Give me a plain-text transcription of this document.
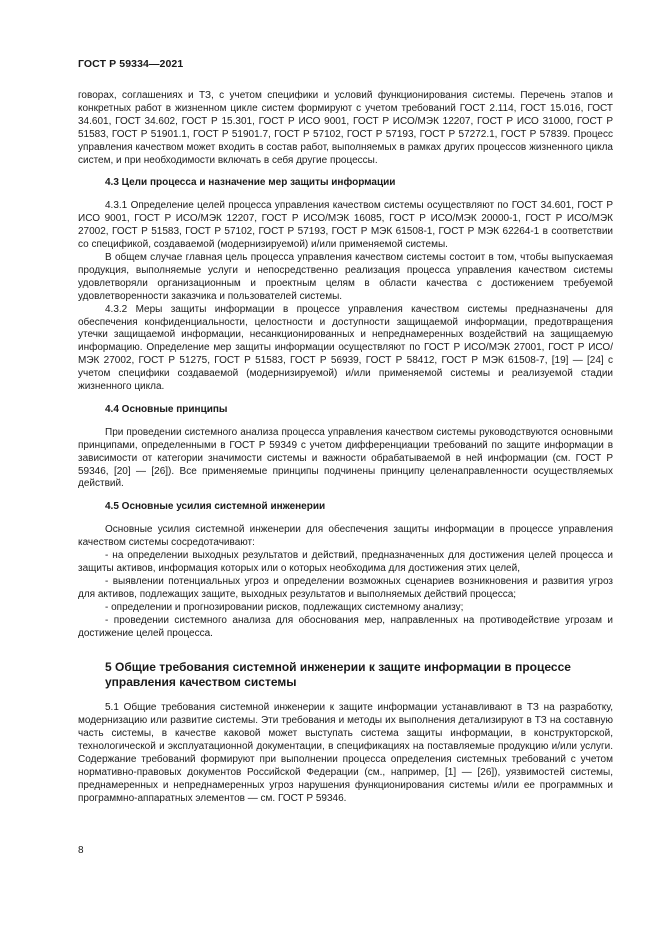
ГОСТ Р 59334—2021

говорах, соглашениях и ТЗ, с учетом специфики и условий функционирования системы. Перечень этапов и конкретных работ в жизненном цикле систем формируют с учетом требований ГОСТ 2.114, ГОСТ 15.016, ГОСТ 34.601, ГОСТ 34.602, ГОСТ Р 15.301, ГОСТ Р ИСО 9001, ГОСТ Р ИСО/МЭК 12207, ГОСТ Р ИСО 31000, ГОСТ Р 51583, ГОСТ Р 51901.1, ГОСТ Р 51901.7, ГОСТ Р 57102, ГОСТ Р 57193, ГОСТ Р 57272.1, ГОСТ Р 57839. Процесс управления качеством может входить в состав работ, выполняемых в рамках других процессов жизненного цикла систем, и при необходимости включать в себя другие процессы.

4.3 Цели процесса и назначение мер защиты информации

4.3.1 Определение целей процесса управления качеством системы осуществляют по ГОСТ 34.601, ГОСТ Р ИСО 9001, ГОСТ Р ИСО/МЭК 12207, ГОСТ Р ИСО/МЭК 16085, ГОСТ Р ИСО/МЭК 20000-1, ГОСТ Р ИСО/МЭК 27002, ГОСТ Р 51583, ГОСТ Р 57102, ГОСТ Р 57193, ГОСТ Р МЭК 61508-1, ГОСТ Р МЭК 62264-1 в соответствии со спецификой, создаваемой (модернизируемой) и/или применяемой системы.

В общем случае главная цель процесса управления качеством системы состоит в том, чтобы выпускаемая продукция, выполняемые услуги и непосредственно реализация процесса управления качеством системы удовлетворяли организационным и проектным целям в области качества с достижением требуемой удовлетворенности заказчика и пользователей системы.

4.3.2 Меры защиты информации в процессе управления качеством системы предназначены для обеспечения конфиденциальности, целостности и доступности защищаемой информации, предотвращения утечки защищаемой информации, несанкционированных и непреднамеренных воздействий на защищаемую информацию. Определение мер защиты информации осуществляют по ГОСТ Р ИСО/МЭК 27001, ГОСТ Р ИСО/МЭК 27002, ГОСТ Р 51275, ГОСТ Р 51583, ГОСТ Р 56939, ГОСТ Р 58412, ГОСТ Р МЭК 61508-7, [19] — [24] с учетом специфики создаваемой (модернизируемой) и/или применяемой системы и реализуемой стадии жизненного цикла.

4.4 Основные принципы

При проведении системного анализа процесса управления качеством системы руководствуются основными принципами, определенными в ГОСТ Р 59349 с учетом дифференциации требований по защите информации в зависимости от категории значимости системы и важности обрабатываемой в ней информации (см. ГОСТ Р 59346, [20] — [26]). Все применяемые принципы подчинены принципу целенаправленности осуществляемых действий.

4.5 Основные усилия системной инженерии

Основные усилия системной инженерии для обеспечения защиты информации в процессе управления качеством системы сосредотачивают:

- на определении выходных результатов и действий, предназначенных для достижения целей процесса и защиты активов, информация которых или о которых необходима для достижения этих целей,

- выявлении потенциальных угроз и определении возможных сценариев возникновения и развития угроз для активов, подлежащих защите, выходных результатов и выполняемых действий процесса;

- определении и прогнозировании рисков, подлежащих системному анализу;

- проведении системного анализа для обоснования мер, направленных на противодействие угрозам и достижение целей процесса.

5 Общие требования системной инженерии к защите информации в процессе управления качеством системы

5.1 Общие требования системной инженерии к защите информации устанавливают в ТЗ на разработку, модернизацию или развитие системы. Эти требования и методы их выполнения детализируют в ТЗ на составную часть системы, в качестве каковой может выступать система защиты информации, в конструкторской, технологической и эксплуатационной документации, в спецификациях на поставляемые продукцию и/или услуги. Содержание требований формируют при выполнении процесса определения системных требований с учетом нормативно-правовых документов Российской Федерации (см., например, [1] — [26]), уязвимостей системы, преднамеренных и непреднамеренных угроз нарушения функционирования системы и/или ее программных и программно-аппаратных элементов — см. ГОСТ Р 59346.

8
